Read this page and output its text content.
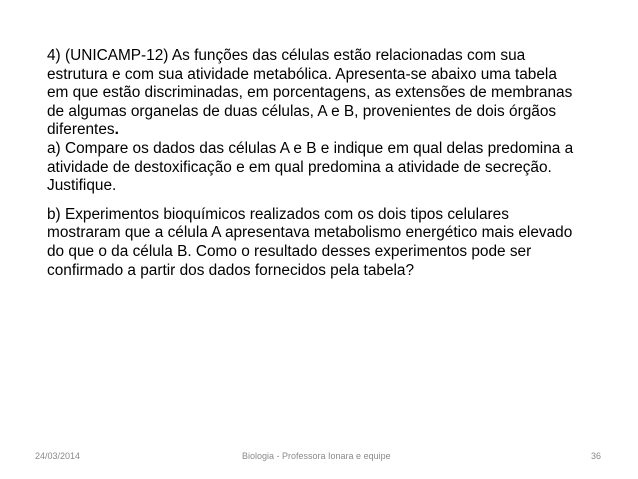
4) (UNICAMP-12) As funções das células estão relacionadas com sua

estrutura e com sua atividade metabólica. Apresenta-se abaixo uma tabela

em que estão discriminadas, em porcentagens, as extensões de membranas

de algumas organelas de duas células, A e B, provenientes de dois órgãos

diferentes.

a) Compare os dados das células A e B e indique em qual delas predomina a

atividade de destoxificação e em qual predomina a atividade de secreção.

Justifique.

b) Experimentos bioquímicos realizados com os dois tipos celulares

mostraram que a célula A apresentava metabolismo energético mais elevado

do que o da célula B. Como o resultado desses experimentos pode ser

confirmado a partir dos dados fornecidos pela tabela?

24/03/2014	Biologia - Professora Ionara e equipe	36
